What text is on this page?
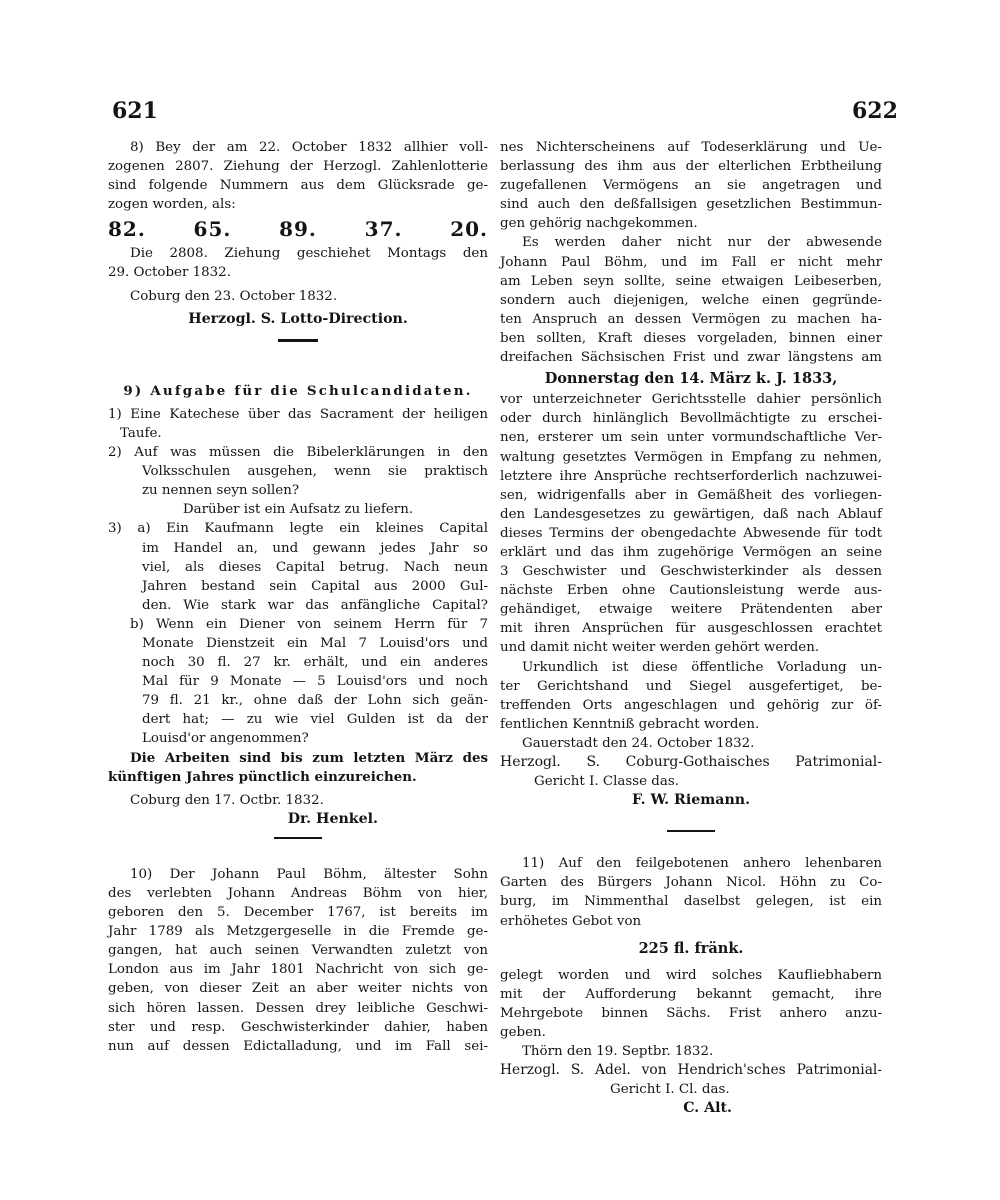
621	622

8) Bey der am 22. October 1832 allhier voll-

zogenen 2807. Ziehung der Herzogl. Zahlenlotterie

sind folgende Nummern aus dem Glücksrade ge-

zogen worden, als:

82. 65. 89. 37. 20.

Die 2808. Ziehung geschiehet Montags den

29. October 1832.

Coburg den 23. October 1832.

Herzogl. S. Lotto-Direction.

9) Aufgabe für die Schulcandidaten.

1) Eine Katechese über das Sacrament der heiligen

Taufe.

2) Auf was müssen die Bibelerklärungen in den

Volksschulen ausgehen, wenn sie praktisch

zu nennen seyn sollen?

Darüber ist ein Aufsatz zu liefern.

3) a) Ein Kaufmann legte ein kleines Capital

im Handel an, und gewann jedes Jahr so

viel, als dieses Capital betrug. Nach neun

Jahren bestand sein Capital aus 2000 Gul-

den. Wie stark war das anfängliche Capital?

b) Wenn ein Diener von seinem Herrn für 7

Monate Dienstzeit ein Mal 7 Louisd'ors und

noch 30 fl. 27 kr. erhält, und ein anderes

Mal für 9 Monate — 5 Louisd'ors und noch

79 fl. 21 kr., ohne daß der Lohn sich geän-

dert hat; — zu wie viel Gulden ist da der

Louisd'or angenommen?

Die Arbeiten sind bis zum letzten März des

künftigen Jahres pünctlich einzureichen.

Coburg den 17. Octbr. 1832.

Dr. Henkel.

10) Der Johann Paul Böhm, ältester Sohn

des verlebten Johann Andreas Böhm von hier,

geboren den 5. December 1767, ist bereits im

Jahr 1789 als Metzgergeselle in die Fremde ge-

gangen, hat auch seinen Verwandten zuletzt von

London aus im Jahr 1801 Nachricht von sich ge-

geben, von dieser Zeit an aber weiter nichts von

sich hören lassen. Dessen drey leibliche Geschwi-

ster und resp. Geschwisterkinder dahier, haben

nun auf dessen Edictalladung, und im Fall sei-

nes Nichterscheinens auf Todeserklärung und Ue-

berlassung des ihm aus der elterlichen Erbtheilung

zugefallenen Vermögens an sie angetragen und

sind auch den deßfallsigen gesetzlichen Bestimmun-

gen gehörig nachgekommen.

Es werden daher nicht nur der abwesende

Johann Paul Böhm, und im Fall er nicht mehr

am Leben seyn sollte, seine etwaigen Leibeserben,

sondern auch diejenigen, welche einen gegründe-

ten Anspruch an dessen Vermögen zu machen ha-

ben sollten, Kraft dieses vorgeladen, binnen einer

dreifachen Sächsischen Frist und zwar längstens am

Donnerstag den 14. März k. J. 1833,

vor unterzeichneter Gerichtsstelle dahier persönlich

oder durch hinlänglich Bevollmächtigte zu erschei-

nen, ersterer um sein unter vormundschaftliche Ver-

waltung gesetztes Vermögen in Empfang zu nehmen,

letztere ihre Ansprüche rechtserforderlich nachzuwei-

sen, widrigenfalls aber in Gemäßheit des vorliegen-

den Landesgesetzes zu gewärtigen, daß nach Ablauf

dieses Termins der obengedachte Abwesende für todt

erklärt und das ihm zugehörige Vermögen an seine

3 Geschwister und Geschwisterkinder als dessen

nächste Erben ohne Cautionsleistung werde aus-

gehändiget, etwaige weitere Prätendenten aber

mit ihren Ansprüchen für ausgeschlossen erachtet

und damit nicht weiter werden gehört werden.

Urkundlich ist diese öffentliche Vorladung un-

ter Gerichtshand und Siegel ausgefertiget, be-

treffenden Orts angeschlagen und gehörig zur öf-

fentlichen Kenntniß gebracht worden.

Gauerstadt den 24. October 1832.

Herzogl. S. Coburg-Gothaisches Patrimonial-

Gericht I. Classe das.

F. W. Riemann.

11) Auf den feilgebotenen anhero lehenbaren

Garten des Bürgers Johann Nicol. Höhn zu Co-

burg, im Nimmenthal daselbst gelegen, ist ein

erhöhetes Gebot von

225 fl. fränk.

gelegt worden und wird solches Kaufliebhabern

mit der Aufforderung bekannt gemacht, ihre

Mehrgebote binnen Sächs. Frist anhero anzu-

geben.

Thörn den 19. Septbr. 1832.

Herzogl. S. Adel. von Hendrich'sches Patrimonial-

Gericht I. Cl. das.

C. Alt.
